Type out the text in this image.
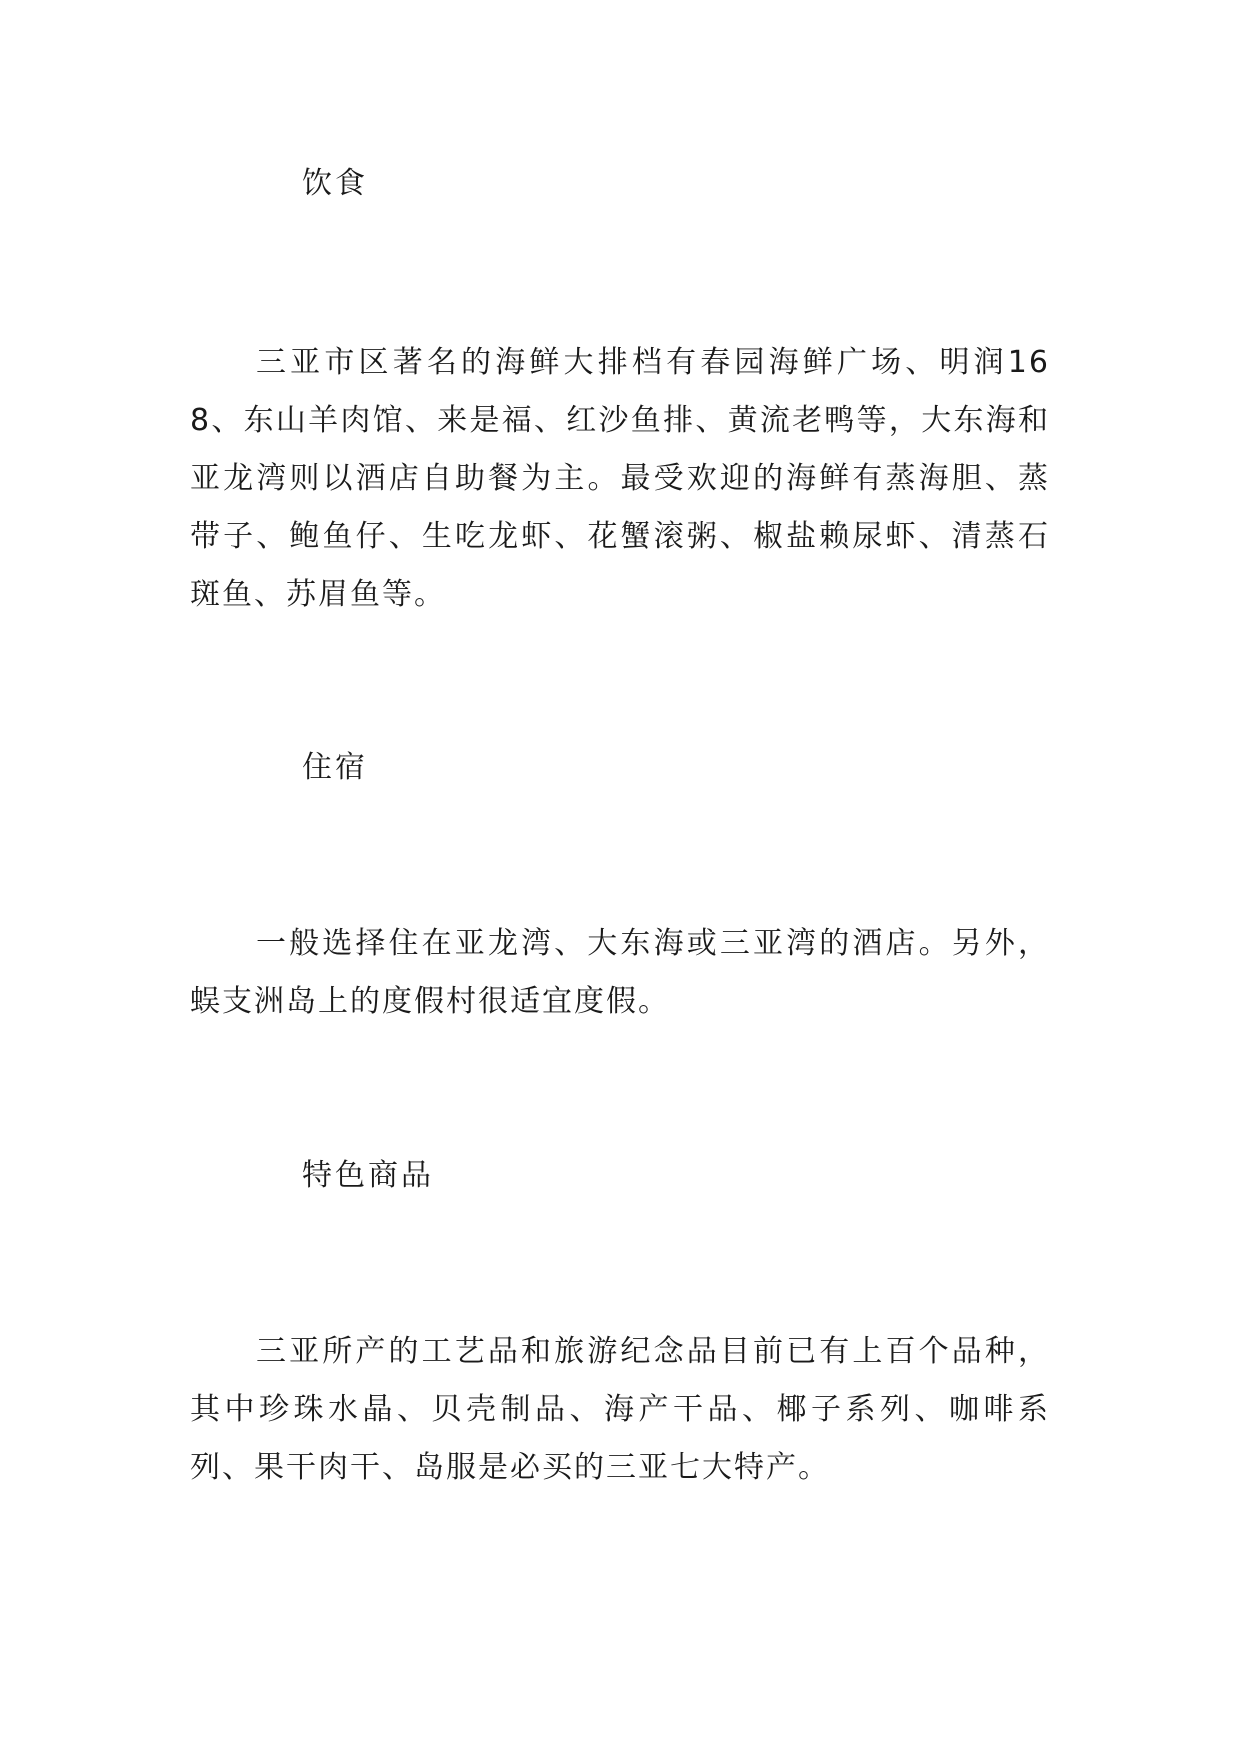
饮食

三亚市区著名的海鲜大排档有春园海鲜广场、明润168、东山羊肉馆、来是福、红沙鱼排、黄流老鸭等，大东海和亚龙湾则以酒店自助餐为主。最受欢迎的海鲜有蒸海胆、蒸带子、鲍鱼仔、生吃龙虾、花蟹滚粥、椒盐赖尿虾、清蒸石斑鱼、苏眉鱼等。

住宿

一般选择住在亚龙湾、大东海或三亚湾的酒店。另外，蜈支洲岛上的度假村很适宜度假。

特色商品

三亚所产的工艺品和旅游纪念品目前已有上百个品种，其中珍珠水晶、贝壳制品、海产干品、椰子系列、咖啡系列、果干肉干、岛服是必买的三亚七大特产。
